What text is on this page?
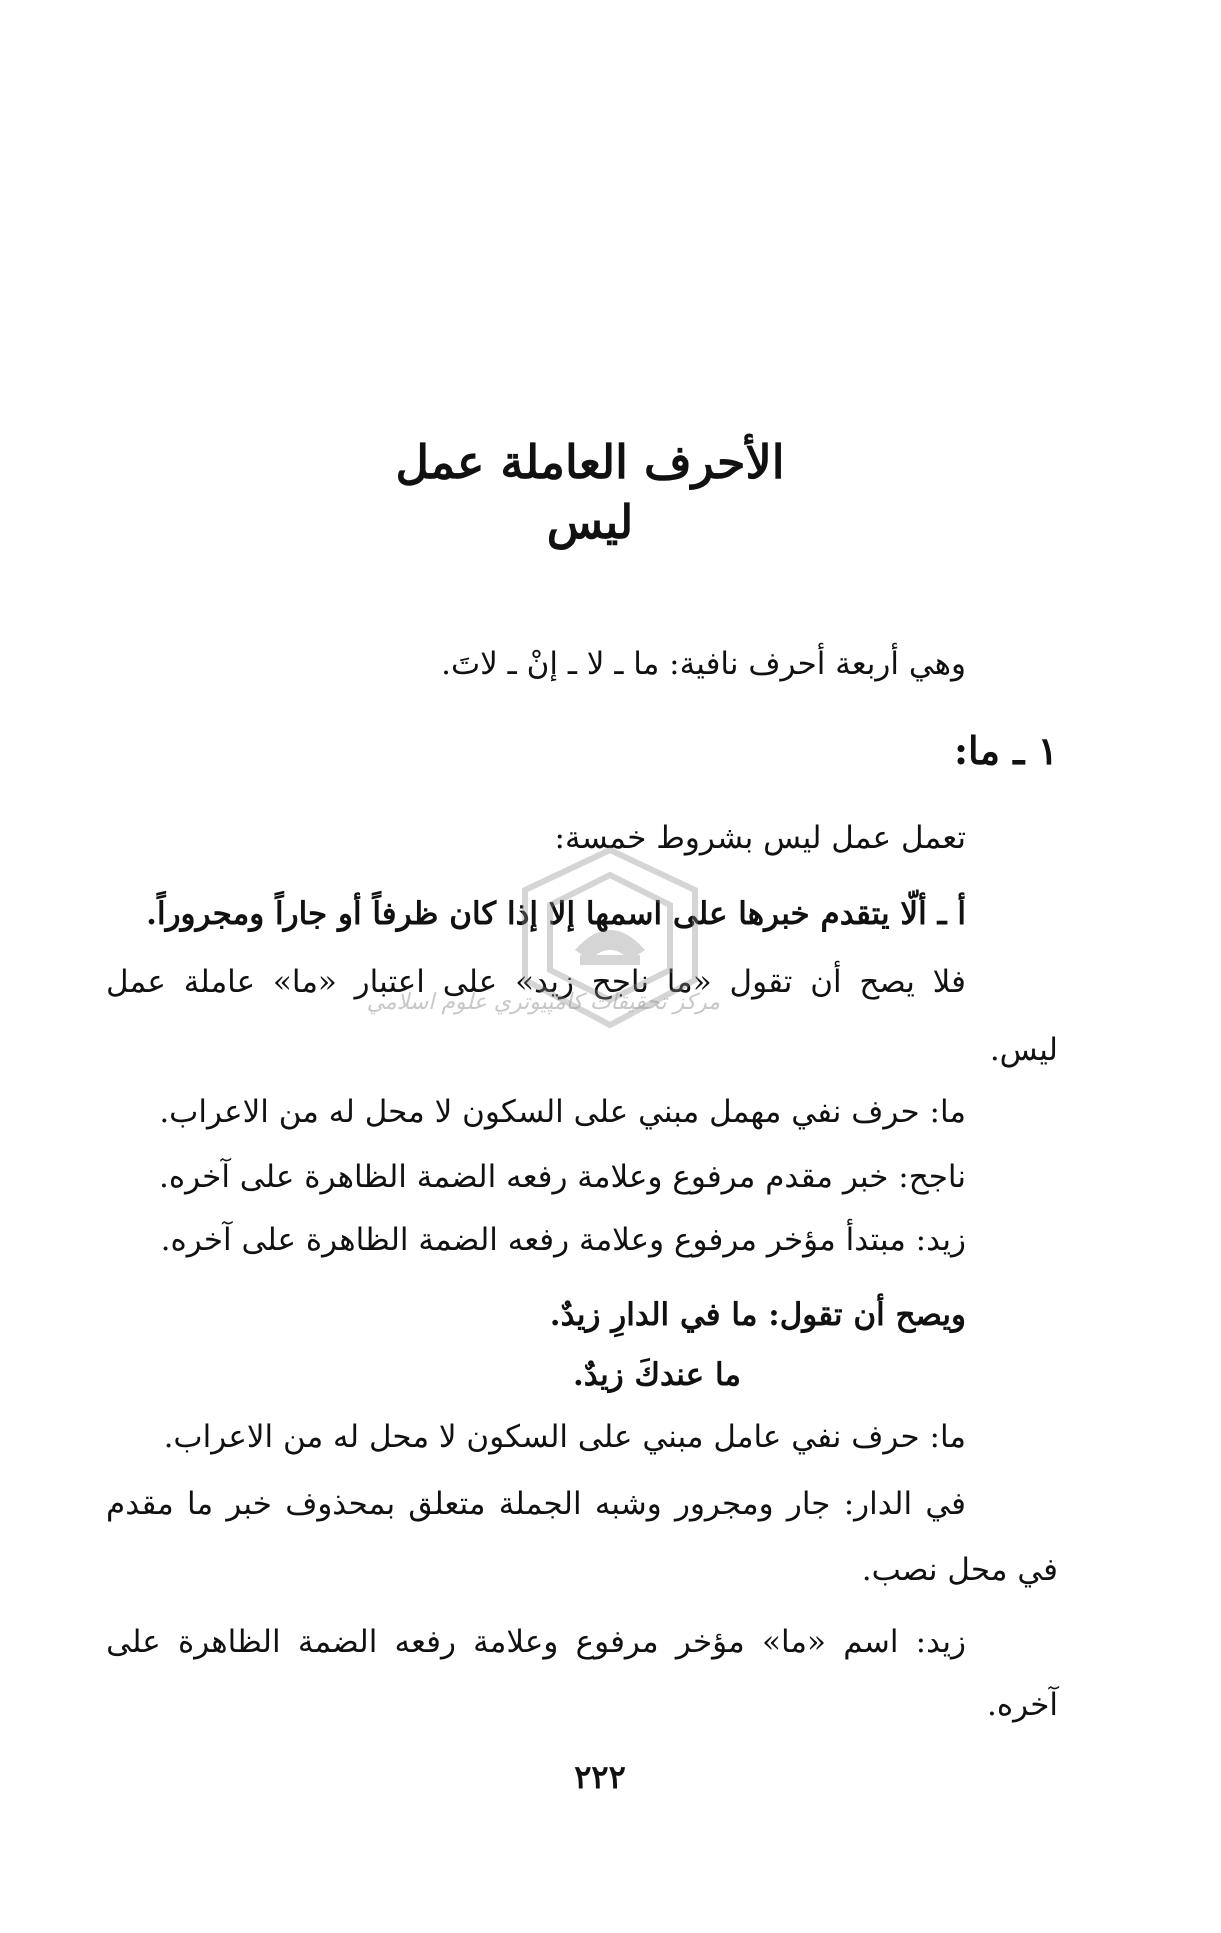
الأحرف العاملة عمل ليس
وهي أربعة أحرف نافية: ما ـ لا ـ إنْ ـ لاتَ.
١ ـ ما:
تعمل عمل ليس بشروط خمسة:
أ ـ ألّا يتقدم خبرها على اسمها إلا إذا كان ظرفاً أو جاراً ومجروراً.
فلا
يصح
أن
تقول
«ما
ناجح
زيد»
على
اعتبار
«ما»
عاملة
عمل
ليس.
ما: حرف نفي مهمل مبني على السكون لا محل له من الاعراب.
ناجح: خبر مقدم مرفوع وعلامة رفعه الضمة الظاهرة على آخره.
زيد: مبتدأ مؤخر مرفوع وعلامة رفعه الضمة الظاهرة على آخره.
ويصح أن تقول: ما في الدارِ زيدٌ.
ما عندكَ زيدٌ.
ما: حرف نفي عامل مبني على السكون لا محل له من الاعراب.
في
الدار:
جار
ومجرور
وشبه
الجملة
متعلق
بمحذوف
خبر
ما
مقدم
في محل نصب.
زيد:
اسم
«ما»
مؤخر
مرفوع
وعلامة
رفعه
الضمة
الظاهرة
على
آخره.
٢٢٢
مركز تحقيقات كامپيوتري علوم اسلامي
